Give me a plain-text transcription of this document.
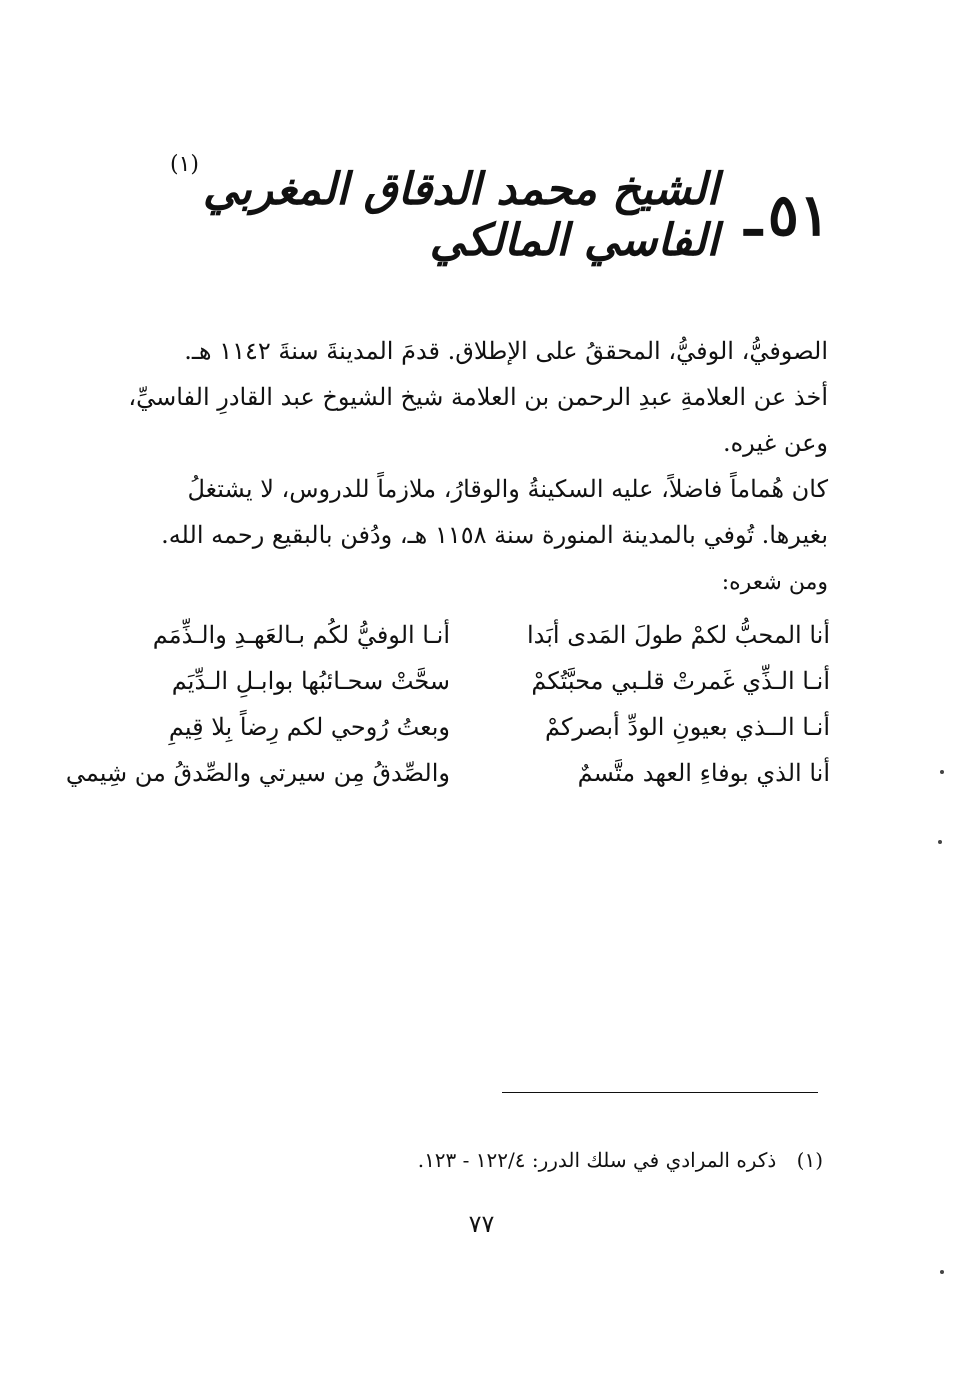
٥١
ـ
الشيخ محمد الدقاق المغربي الفاسي المالكي
(١)
الصوفيُّ، الوفيُّ، المحققُ على الإطلاق. قدمَ المدينةَ سنةَ ١١٤٢ هـ.
أخذ عن العلامةِ عبدِ الرحمن بن العلامة شيخ الشيوخ عبد القادرِ الفاسيِّ،
وعن غيره.
كان هُماماً فاضلاً، عليه السكينةُ والوقارُ، ملازماً للدروس، لا يشتغلُ
بغيرها. تُوفي بالمدينة المنورة سنة ١١٥٨ هـ، ودُفن بالبقيع رحمه الله.
ومن شعره:
أنا المحبُّ لكمْ طولَ المَدى أبَدا
أنـا الوفيُّ لكُم بـالعَهـدِ والـذِّمَم
أنـا الـذِّي غَمرتْ قلـبي محبَّتُكمْ
سحَّتْ سحـائبُها بوابـلِ الـدِّيَم
أنـا الــذي بعيونِ الودِّ أبصركمْ
وبعتُ رُوحي لكم رِضاً بِلا قِيمِ
أنا الذي بوفاءِ العهد متَّسمٌ
والصِّدقُ مِن سيرتي والصِّدقُ من شِيمي
(١) ذكره المرادي في سلك الدرر: ١٢٢/٤ - ١٢٣.
٧٧
